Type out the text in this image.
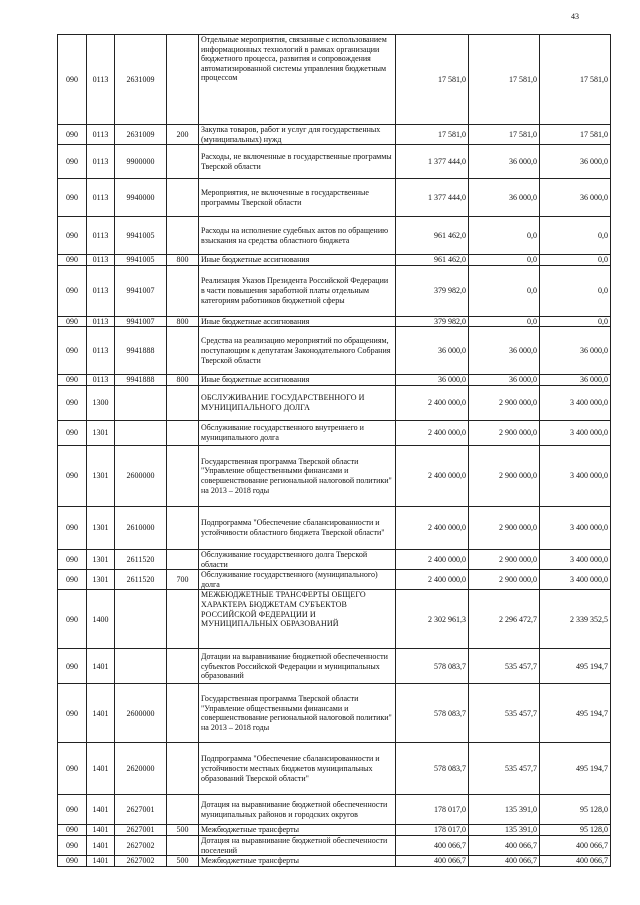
43
090	0113	2631009		Отдельные мероприятия, связанные с использованием информационных технологий в рамках организации бюджетного процесса, развития и сопровождения автоматизированной системы управления бюджетным процессом	17 581,0	17 581,0	17 581,0
090	0113	2631009	200	Закупка товаров, работ и услуг для государственных (муниципальных) нужд	17 581,0	17 581,0	17 581,0
090	0113	9900000		Расходы, не включенные в государственные программы Тверской области	1 377 444,0	36 000,0	36 000,0
090	0113	9940000		Мероприятия, не включенные в государственные программы Тверской области	1 377 444,0	36 000,0	36 000,0
090	0113	9941005		Расходы на исполнение судебных актов по обращению взыскания на средства областного бюджета	961 462,0	0,0	0,0
090	0113	9941005	800	Иные бюджетные ассигнования	961 462,0	0,0	0,0
090	0113	9941007		Реализация Указов Президента Российской Федерации в части повышения заработной платы отдельным категориям работников бюджетной сферы	379 982,0	0,0	0,0
090	0113	9941007	800	Иные бюджетные ассигнования	379 982,0	0,0	0,0
090	0113	9941888		Средства на реализацию мероприятий по обращениям, поступающим к депутатам Законодательного Собрания Тверской области	36 000,0	36 000,0	36 000,0
090	0113	9941888	800	Иные бюджетные ассигнования	36 000,0	36 000,0	36 000,0
090	1300			ОБСЛУЖИВАНИЕ ГОСУДАРСТВЕННОГО И МУНИЦИПАЛЬНОГО ДОЛГА	2 400 000,0	2 900 000,0	3 400 000,0
090	1301			Обслуживание государственного внутреннего и муниципального долга	2 400 000,0	2 900 000,0	3 400 000,0
090	1301	2600000		Государственная программа Тверской области "Управление общественными финансами и совершенствование региональной налоговой политики" на 2013 – 2018 годы	2 400 000,0	2 900 000,0	3 400 000,0
090	1301	2610000		Подпрограмма "Обеспечение сбалансированности и устойчивости областного бюджета Тверской области"	2 400 000,0	2 900 000,0	3 400 000,0
090	1301	2611520		Обслуживание государственного долга Тверской области	2 400 000,0	2 900 000,0	3 400 000,0
090	1301	2611520	700	Обслуживание государственного (муниципального) долга	2 400 000,0	2 900 000,0	3 400 000,0
090	1400			МЕЖБЮДЖЕТНЫЕ ТРАНСФЕРТЫ ОБЩЕГО ХАРАКТЕРА БЮДЖЕТАМ СУБЪЕКТОВ РОССИЙСКОЙ ФЕДЕРАЦИИ И МУНИЦИПАЛЬНЫХ ОБРАЗОВАНИЙ	2 302 961,3	2 296 472,7	2 339 352,5
090	1401			Дотации на выравнивание бюджетной обеспеченности субъектов Российской Федерации и муниципальных образований	578 083,7	535 457,7	495 194,7
090	1401	2600000		Государственная программа Тверской области "Управление общественными финансами и совершенствование региональной налоговой политики" на 2013 – 2018 годы	578 083,7	535 457,7	495 194,7
090	1401	2620000		Подпрограмма "Обеспечение сбалансированности и устойчивости местных бюджетов муниципальных образований Тверской области"	578 083,7	535 457,7	495 194,7
090	1401	2627001		Дотация на выравнивание бюджетной обеспеченности муниципальных районов и городских округов	178 017,0	135 391,0	95 128,0
090	1401	2627001	500	Межбюджетные трансферты	178 017,0	135 391,0	95 128,0
090	1401	2627002		Дотация на выравнивание бюджетной обеспеченности поселений	400 066,7	400 066,7	400 066,7
090	1401	2627002	500	Межбюджетные трансферты	400 066,7	400 066,7	400 066,7
